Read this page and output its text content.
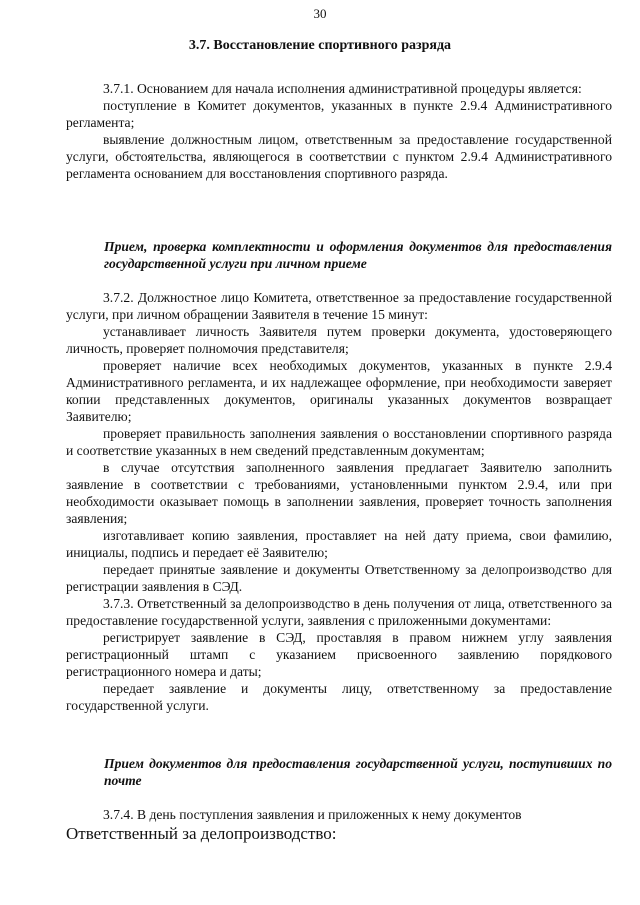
30
3.7. Восстановление спортивного разряда

3.7.1. Основанием для начала исполнения административной процедуры является:

поступление в Комитет документов, указанных в пункте 2.9.4 Административного регламента;

выявление должностным лицом, ответственным за предоставление государственной услуги, обстоятельства, являющегося в соответствии с пунктом 2.9.4 Административного регламента основанием для восстановления спортивного разряда.

Прием, проверка комплектности и оформления документов для предоставления государственной услуги при личном приеме

3.7.2. Должностное лицо Комитета, ответственное за предоставление государственной услуги, при личном обращении Заявителя в течение 15 минут:

устанавливает личность Заявителя путем проверки документа, удостоверяющего личность, проверяет полномочия представителя;

проверяет наличие всех необходимых документов, указанных в пункте 2.9.4 Административного регламента, и их надлежащее оформление, при необходимости заверяет копии представленных документов, оригиналы указанных документов возвращает Заявителю;

проверяет правильность заполнения заявления о восстановлении спортивного разряда и соответствие указанных в нем сведений представленным документам;

в случае отсутствия заполненного заявления предлагает Заявителю заполнить заявление в соответствии с требованиями, установленными пунктом 2.9.4, или при необходимости оказывает помощь в заполнении заявления, проверяет точность заполнения заявления;

изготавливает копию заявления, проставляет на ней дату приема, свои фамилию, инициалы, подпись и передает её Заявителю;

передает принятые заявление и документы Ответственному за делопроизводство для регистрации заявления в СЭД.

3.7.3. Ответственный за делопроизводство в день получения от лица, ответственного за предоставление государственной услуги, заявления с приложенными документами:

регистрирует заявление в СЭД, проставляя в правом нижнем углу заявления регистрационный штамп с указанием присвоенного заявлению порядкового регистрационного номера и даты;

передает заявление и документы лицу, ответственному за предоставление государственной услуги.

Прием документов для предоставления государственной услуги, поступивших по почте

3.7.4. В день поступления заявления и приложенных к нему документов

Ответственный за делопроизводство:
